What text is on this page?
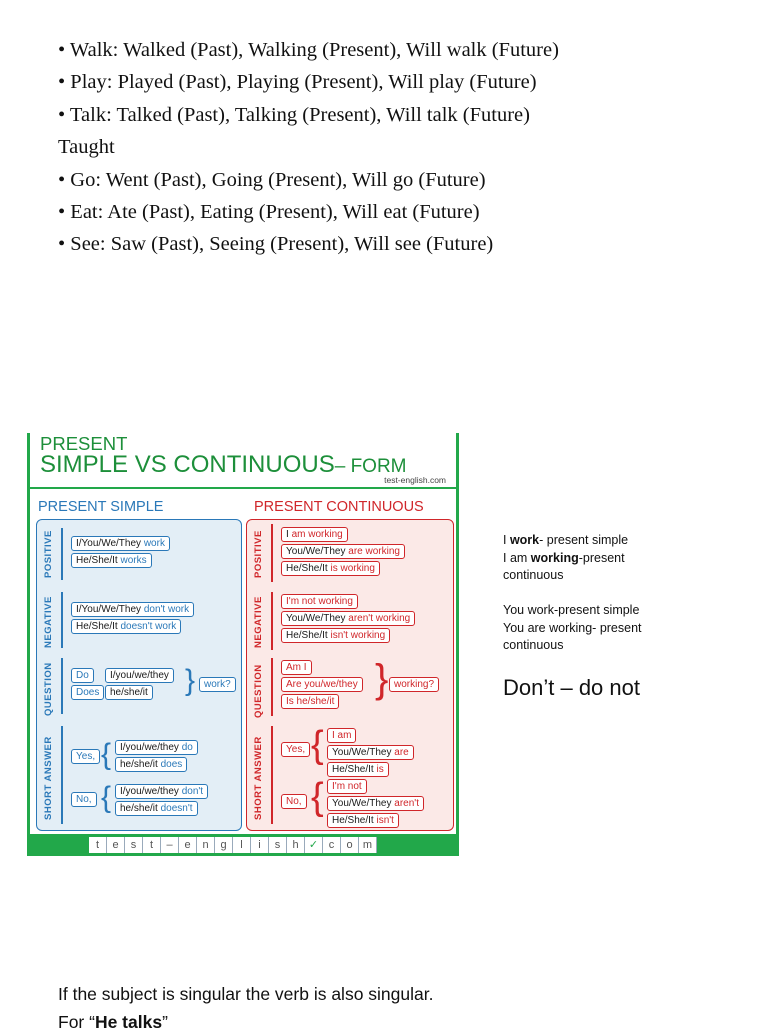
• Walk: Walked (Past), Walking (Present), Will walk (Future)
• Play: Played (Past), Playing (Present), Will play (Future)
• Talk: Talked (Past), Talking (Present), Will talk (Future)
Taught
• Go: Went (Past), Going (Present), Will go (Future)
• Eat: Ate (Past), Eating (Present), Will eat (Future)
• See: Saw (Past), Seeing (Present), Will see (Future)
PRESENT
SIMPLE VS CONTINUOUS– FORM
test-english.com
PRESENT SIMPLE	PRESENT CONTINUOUS
POSITIVE	I/You/We/They work
He/She/It works
NEGATIVE	I/You/We/They don't work
He/She/It doesn't work
QUESTION	Do	I/you/we/they
Does	he/she/it } work?
SHORT ANSWER	Yes, { I/you/we/they do
he/she/it does
No, { I/you/we/they don't
he/she/it doesn't
POSITIVE	I am working
You/We/They are working
He/She/It is working
NEGATIVE	I'm not working
You/We/They aren't working
He/She/It isn't working
QUESTION	Am I
Are you/we/they
Is he/she/it
} working?
SHORT ANSWER	Yes, { I am
You/We/They are
He/She/It is
No, { I'm not
You/We/They aren't
He/She/It isn't
t	e	s	t	–	e	n	g	l	i	s	h ✓ c	o m
I work- present simple
I am working-present
continuous
You work-present simple
You are working- present
continuous
Don’t – do not
If the subject is singular the verb is also singular.
For “He talks”
